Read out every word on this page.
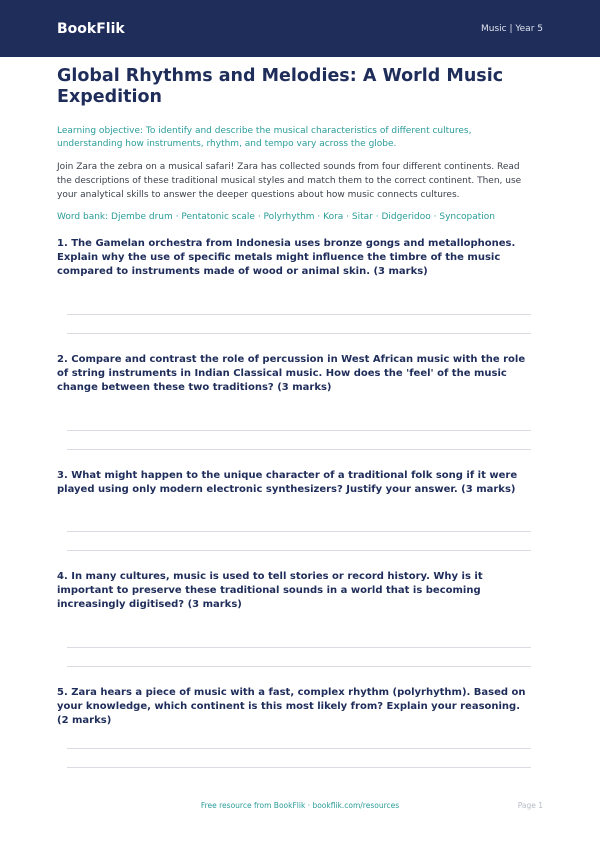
BookFlik	Music | Year 5
Global Rhythms and Melodies: A World Music Expedition
Learning objective: To identify and describe the musical characteristics of different cultures, understanding how instruments, rhythm, and tempo vary across the globe.
Join Zara the zebra on a musical safari! Zara has collected sounds from four different continents. Read the descriptions of these traditional musical styles and match them to the correct continent. Then, use your analytical skills to answer the deeper questions about how music connects cultures.
Word bank: Djembe drum · Pentatonic scale · Polyrhythm · Kora · Sitar · Didgeridoo · Syncopation
1. The Gamelan orchestra from Indonesia uses bronze gongs and metallophones. Explain why the use of specific metals might influence the timbre of the music compared to instruments made of wood or animal skin. (3 marks)
2. Compare and contrast the role of percussion in West African music with the role of string instruments in Indian Classical music. How does the 'feel' of the music change between these two traditions? (3 marks)
3. What might happen to the unique character of a traditional folk song if it were played using only modern electronic synthesizers? Justify your answer. (3 marks)
4. In many cultures, music is used to tell stories or record history. Why is it important to preserve these traditional sounds in a world that is becoming increasingly digitised? (3 marks)
5. Zara hears a piece of music with a fast, complex rhythm (polyrhythm). Based on your knowledge, which continent is this most likely from? Explain your reasoning. (2 marks)
Free resource from BookFlik · bookflik.com/resources	Page 1
